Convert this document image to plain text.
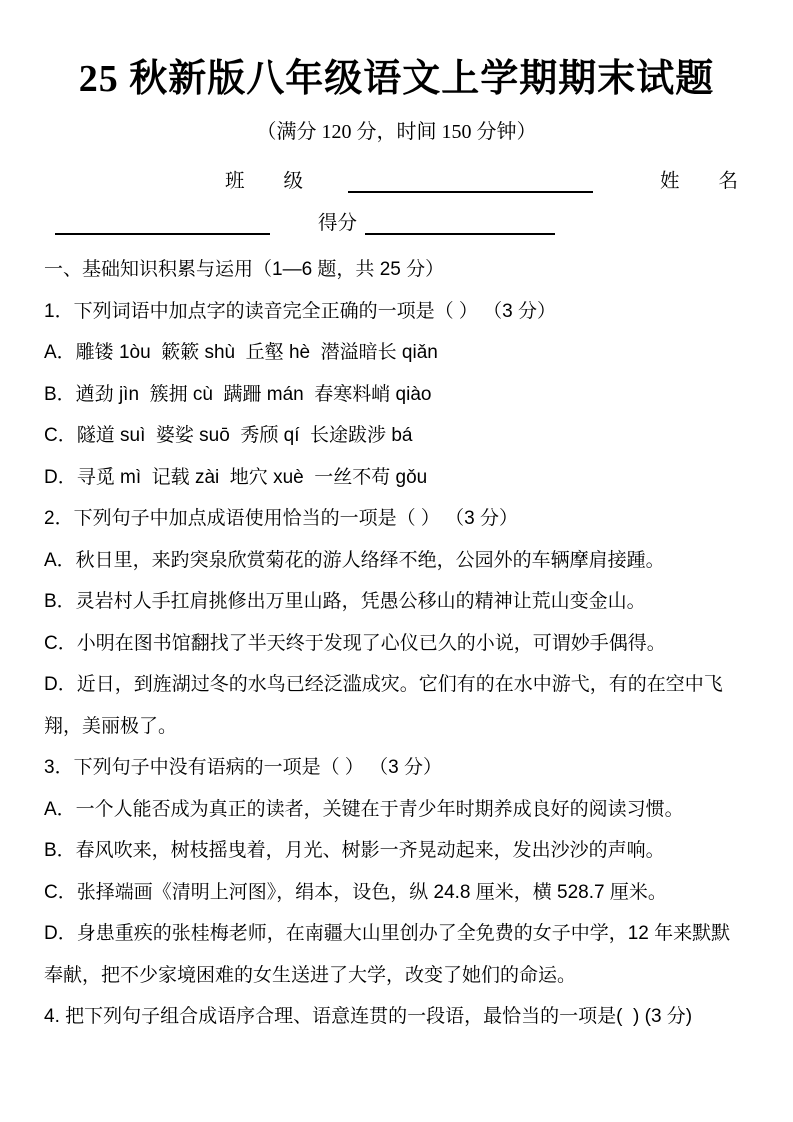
25 秋新版八年级语文上学期期末试题
（满分 120 分，时间 150 分钟）
班　　级	姓　　名
得分

一、基础知识积累与运用（1—6 题，共 25 分）

1．下列词语中加点字的读音完全正确的一项是（ ） （3 分）

A．雕镂 1òu  簌簌 shù  丘壑 hè  潜溢暗长 qiǎn

B．遒劲 jìn  簇拥 cù  蹒跚 mán  春寒料峭 qiào

C．隧道 suì  婆娑 suō  秀颀 qí  长途跋涉 bá

D．寻觅 mì  记载 zài  地穴 xuè  一丝不苟 gǒu

2．下列句子中加点成语使用恰当的一项是（ ） （3 分）

A．秋日里，来趵突泉欣赏菊花的游人络绎不绝，公园外的车辆摩肩接踵。

B．灵岩村人手扛肩挑修出万里山路，凭愚公移山的精神让荒山变金山。

C．小明在图书馆翻找了半天终于发现了心仪已久的小说，可谓妙手偶得。

D．近日，到旌湖过冬的水鸟已经泛滥成灾。它们有的在水中游弋，有的在空中飞翔，美丽极了。

3．下列句子中没有语病的一项是（ ） （3 分）

A．一个人能否成为真正的读者，关键在于青少年时期养成良好的阅读习惯。

B．春风吹来，树枝摇曳着，月光、树影一齐晃动起来，发出沙沙的声响。

C．张择端画《清明上河图》，绢本，设色，纵 24.8 厘米，横 528.7 厘米。

D．身患重疾的张桂梅老师，在南疆大山里创办了全免费的女子中学，12 年来默默奉献，把不少家境困难的女生送进了大学，改变了她们的命运。

4. 把下列句子组合成语序合理、语意连贯的一段语，最恰当的一项是(  ) (3 分)
